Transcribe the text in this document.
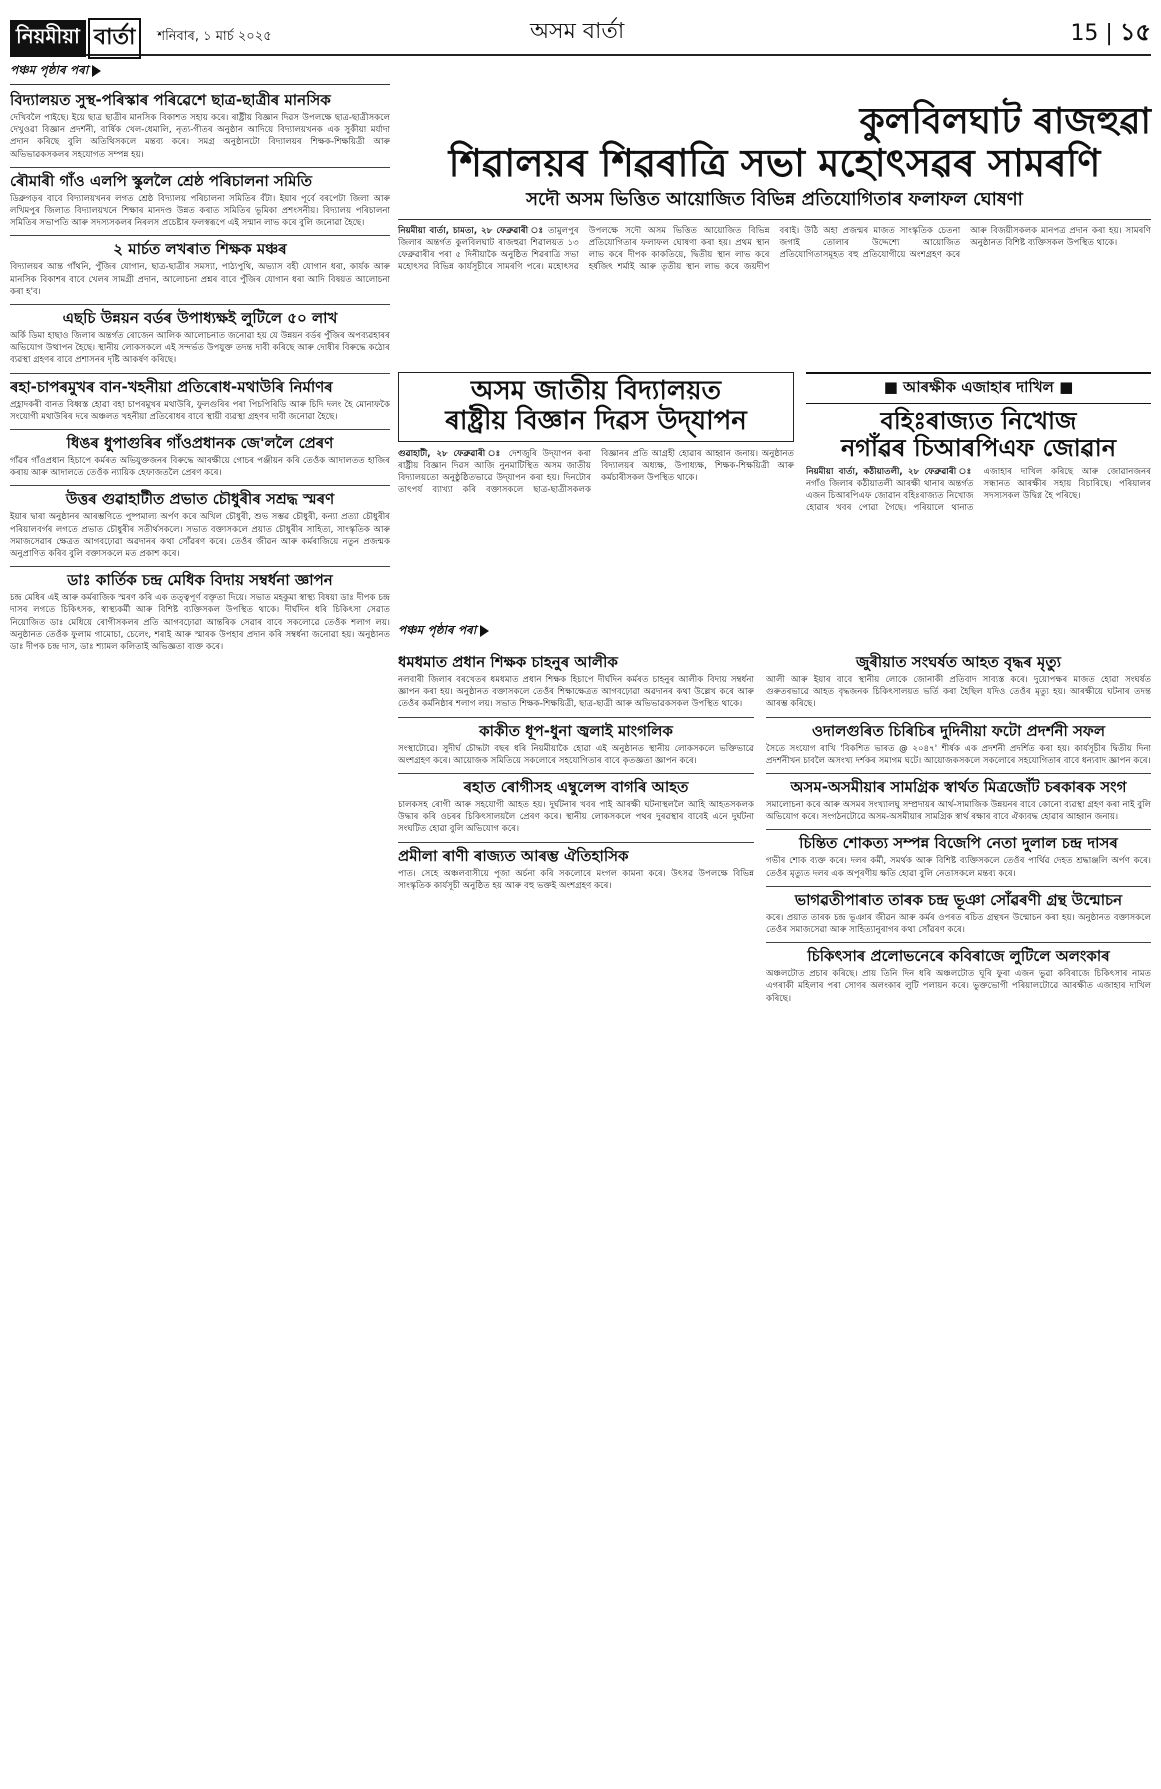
নিয়মীয়া বাৰ্তা	শনিবাৰ, ১ মাৰ্চ ২০২৫	অসম বাৰ্তা	15 | ১৫
পঞ্চম পৃষ্ঠাৰ পৰা
বিদ্যালয়ত সুস্থ-পৰিস্কাৰ পৰিৱেশে ছাত্ৰ-ছাত্ৰীৰ মানসিক

দেখিবলৈ পাইছে। ইয়ে ছাত্ৰ ছাত্ৰীৰ মানসিক বিকাশত সহায় কৰে। ৰাষ্ট্ৰীয় বিজ্ঞান দিৱস উপলক্ষে ছাত্ৰ-ছাত্ৰীসকলে দেখুওৱা বিজ্ঞান প্ৰদৰ্শনী, বাৰ্ষিক খেল-ধেমালি, নৃত্য-গীতৰ অনুষ্ঠান আদিয়ে বিদ্যালয়খনক এক সুকীয়া মৰ্যাদা প্ৰদান কৰিছে বুলি অতিথিসকলে মন্তব্য কৰে। সমগ্ৰ অনুষ্ঠানটো বিদ্যালয়ৰ শিক্ষক-শিক্ষয়িত্ৰী আৰু অভিভাৱকসকলৰ সহযোগত সম্পন্ন হয়।

ৰৌমাৰী গাঁও এলপি স্কুললৈ শ্ৰেষ্ঠ পৰিচালনা সমিতি

ডিব্ৰুগড়ৰ বাবে বিদ্যালয়খনৰ লগত শ্ৰেষ্ঠ বিদ্যালয় পৰিচালনা সমিতিৰ বঁটা। ইয়াৰ পূৰ্বে বৰপেটা জিলা আৰু লখিমপুৰ জিলাত বিদ্যালয়খনে শিক্ষাৰ মানদণ্ড উন্নত কৰাত সমিতিৰ ভূমিকা প্ৰশংসনীয়। বিদ্যালয় পৰিচালনা সমিতিৰ সভাপতি আৰু সদস্যসকলৰ নিৰলস প্ৰচেষ্টাৰ ফলস্বৰূপে এই সন্মান লাভ কৰে বুলি জনোৱা হৈছে।

২ মাৰ্চত লখৰাত শিক্ষক মঞ্চৰ

বিদ্যালয়ৰ আন্ত গাঁথনি, পুঁজিৰ যোগান, ছাত্ৰ-ছাত্ৰীৰ সমস্যা, পাঠ্যপুথি, অভ্যাস বহী যোগান ধৰা, কাৰ্যক আৰু মানসিক বিকাশৰ বাবে খেলৰ সামগ্ৰী প্ৰদান, আলোচনা প্ৰশ্নৰ বাবে পুঁজিৰ যোগান ধৰা আদি বিষয়ত আলোচনা কৰা হ'ব।

এছচি উন্নয়ন বৰ্ডৰ উপাধ্যক্ষই লুটিলে ৫০ লাখ

অৰ্কি ডিমা হাছাও জিলাৰ অন্তৰ্গত ৰোজেন আলিক আলোচনাত জনোৱা হয় যে উন্নয়ন বৰ্ডৰ পুঁজিৰ অপব্যৱহাৰৰ অভিযোগ উত্থাপন হৈছে। স্থানীয় লোকসকলে এই সন্দৰ্ভত উপযুক্ত তদন্ত দাবী কৰিছে আৰু দোষীৰ বিৰুদ্ধে কঠোৰ ব্যৱস্থা গ্ৰহণৰ বাবে প্ৰশাসনৰ দৃষ্টি আকৰ্ষণ কৰিছে।

ৰহা-চাপৰমুখৰ বান-খহনীয়া প্ৰতিৰোধ-মথাউৰি নিৰ্মাণৰ

প্ৰহ্লাদকৰী বানত বিধ্বস্ত হোৱা বহা চাপৰমুখৰ মথাউৰি, ফুলগুৰিৰ পৰা পিচপিৰিডি আৰু চিদি দলং হৈ মোনাফকৈ সংযোগী মথাউৰিৰ দৰে অঞ্চলত খহনীয়া প্ৰতিৰোধৰ বাবে স্থায়ী ব্যৱস্থা গ্ৰহণৰ দাবী জনোৱা হৈছে।

ধিঙৰ ধুপাগুৰিৰ গাঁওপ্ৰধানক জে'ললৈ প্ৰেৰণ

গাঁৱৰ গাঁওপ্ৰধান হিচাপে কৰ্মৰত অভিযুক্তজনৰ বিৰুদ্ধে আৰক্ষীয়ে গোচৰ পঞ্জীয়ন কৰি তেওঁক আদালতত হাজিৰ কৰায় আৰু আদালতে তেওঁক ন্যায়িক হেফাজতলৈ প্ৰেৰণ কৰে।

উত্তৰ গুৱাহাটীত প্ৰভাত চৌধুৰীৰ সশ্ৰদ্ধ স্মৰণ

ইয়াৰ দ্বাৰা অনুষ্ঠানৰ আৰম্ভণিতে পুষ্পমাল্য অৰ্পণ কৰে অখিল চৌধুৰী, শুভ সম্ভৱ চৌধুৰী, কন্যা প্ৰত্যা চৌধুৰীৰ পৰিয়ালবৰ্গৰ লগতে প্ৰভাত চৌধুৰীৰ সতীৰ্থসকলে। সভাত বক্তাসকলে প্ৰয়াত চৌধুৰীৰ সাহিত্য, সাংস্কৃতিক আৰু সমাজসেৱাৰ ক্ষেত্ৰত আগবঢ়োৱা অৱদানৰ কথা সোঁৱৰণ কৰে। তেওঁৰ জীৱন আৰু কৰ্মৰাজিয়ে নতুন প্ৰজন্মক অনুপ্ৰাণিত কৰিব বুলি বক্তাসকলে মত প্ৰকাশ কৰে।

ডাঃ কাৰ্তিক চন্দ্ৰ মেধিক বিদায় সম্বৰ্ধনা জ্ঞাপন

চন্দ্ৰ মেধিৰ এই আৰু কৰ্মৰাজিক স্মৰণ কৰি এক তত্ত্বপূৰ্ণ বক্তৃতা দিয়ে। সভাত মহকুমা স্বাস্থ্য বিষয়া ডাঃ দীপক চন্দ্ৰ দাসৰ লগতে চিকিৎসক, স্বাস্থ্যকৰ্মী আৰু বিশিষ্ট ব্যক্তিসকল উপস্থিত থাকে। দীৰ্ঘদিন ধৰি চিকিৎসা সেৱাত নিয়োজিত ডাঃ মেধিয়ে ৰোগীসকলৰ প্ৰতি আগবঢ়োৱা আন্তৰিক সেৱাৰ বাবে সকলোৱে তেওঁক শলাগ লয়। অনুষ্ঠানত তেওঁক ফুলাম গামোচা, চেলেং, শৰাই আৰু স্মাৰক উপহাৰ প্ৰদান কৰি সম্বৰ্ধনা জনোৱা হয়। অনুষ্ঠানত ডাঃ দীপক চন্দ্ৰ দাস, ডাঃ শ্যামল কলিতাই অভিজ্ঞতা ব্যক্ত কৰে।

কুলবিলঘাট ৰাজহুৱা
শিৱালয়ৰ শিৱৰাত্ৰি সভা মহোৎসৱৰ সামৰণি
সদৌ অসম ভিত্তিত আয়োজিত বিভিন্ন প্ৰতিযোগিতাৰ ফলাফল ঘোষণা

নিয়মীয়া বাৰ্তা, চামতা, ২৮ ফেব্ৰুৱাৰী ঃ তামুলপুৰ জিলাৰ অন্তৰ্গত কুলবিলঘাট ৰাজহুৱা শিৱালয়ত ১৩ ফেব্ৰুৱাৰীৰ পৰা ৫ দিনীয়াকৈ অনুষ্ঠিত শিৱৰাত্ৰি সভা মহোৎসৱ বিভিন্ন কাৰ্যসূচীৰে সামৰণি পৰে। মহোৎসৱ উপলক্ষে সদৌ অসম ভিত্তিত আয়োজিত বিভিন্ন প্ৰতিযোগিতাৰ ফলাফল ঘোষণা কৰা হয়। প্ৰথম স্থান লাভ কৰে দীপক কাকতিয়ে, দ্বিতীয় স্থান লাভ কৰে হৰ্ষজিৎ শৰ্মাই আৰু তৃতীয় স্থান লাভ কৰে জয়দীপ বৰাই। উঠি অহা প্ৰজন্মৰ মাজত সাংস্কৃতিক চেতনা জগাই তোলাৰ উদ্দেশ্যে আয়োজিত প্ৰতিযোগিতাসমূহত বহু প্ৰতিযোগীয়ে অংশগ্ৰহণ কৰে আৰু বিজয়ীসকলক মানপত্ৰ প্ৰদান কৰা হয়। সামৰণি অনুষ্ঠানত বিশিষ্ট ব্যক্তিসকল উপস্থিত থাকে।

অসম জাতীয় বিদ্যালয়ত
ৰাষ্ট্ৰীয় বিজ্ঞান দিৱস উদ্‌যাপন

গুৱাহাটী, ২৮ ফেব্ৰুৱাৰী ঃ দেশজুৰি উদ্‌যাপন কৰা ৰাষ্ট্ৰীয় বিজ্ঞান দিৱস আজি নুনমাটিস্থিত অসম জাতীয় বিদ্যালয়তো অনুষ্ঠুষ্ঠিতভাৱে উদ্‌যাপন কৰা হয়। দিনটোৰ তাৎপৰ্য ব্যাখ্যা কৰি বক্তাসকলে ছাত্ৰ-ছাত্ৰীসকলক বিজ্ঞানৰ প্ৰতি আগ্ৰহী হোৱাৰ আহ্বান জনায়। অনুষ্ঠানত বিদ্যালয়ৰ অধ্যক্ষ, উপাধ্যক্ষ, শিক্ষক-শিক্ষয়িত্ৰী আৰু কৰ্মচাৰীসকল উপস্থিত থাকে।

■ আৰক্ষীক এজাহাৰ দাখিল ■
বহিঃৰাজ্যত নিখোজ
নগাঁৱৰ চিআৰপিএফ জোৱান

নিয়মীয়া বাৰ্তা, কঠীয়াতলী, ২৮ ফেব্ৰুৱাৰী ঃ নগাঁও জিলাৰ কঠীয়াতলী আৰক্ষী থানাৰ অন্তৰ্গত এজন চিআৰপিএফ জোৱান বহিঃৰাজ্যত নিখোজ হোৱাৰ খবৰ পোৱা গৈছে। পৰিয়ালে থানাত এজাহাৰ দাখিল কৰিছে আৰু জোৱানজনৰ সন্ধানত আৰক্ষীৰ সহায় বিচাৰিছে। পৰিয়ালৰ সদস্যসকল উদ্বিগ্ন হৈ পৰিছে।

পঞ্চম পৃষ্ঠাৰ পৰা
ধমধমাত প্ৰধান শিক্ষক চাহনুৰ আলীক

নলবাৰী জিলাৰ বৰখেতৰ ধমধমাত প্ৰধান শিক্ষক হিচাপে দীৰ্ঘদিন কৰ্মৰত চাহনুৰ আলীক বিদায় সম্বৰ্ধনা জ্ঞাপন কৰা হয়। অনুষ্ঠানত বক্তাসকলে তেওঁৰ শিক্ষাক্ষেত্ৰত আগবঢ়োৱা অৱদানৰ কথা উল্লেখ কৰে আৰু তেওঁৰ কৰ্মনিষ্ঠাৰ শলাগ লয়। সভাত শিক্ষক-শিক্ষয়িত্ৰী, ছাত্ৰ-ছাত্ৰী আৰু অভিভাৱকসকল উপস্থিত থাকে।

কাকীত ধূপ-ধুনা জ্বলাই মাংগলিক

সংস্থাটোৱে। সুদীৰ্ঘ চৌদ্ধটা বছৰ ধৰি নিয়মীয়াকৈ হোৱা এই অনুষ্ঠানত স্থানীয় লোকসকলে ভক্তিভাৱে অংশগ্ৰহণ কৰে। আয়োজক সমিতিয়ে সকলোৰে সহযোগিতাৰ বাবে কৃতজ্ঞতা জ্ঞাপন কৰে।

ৰহাত ৰোগীসহ এম্বুলেন্স বাগৰি আহত

চালকসহ ৰোগী আৰু সহযোগী আহত হয়। দুৰ্ঘটনাৰ খবৰ পাই আৰক্ষী ঘটনাস্থললৈ আহি আহতসকলক উদ্ধাৰ কৰি ওচৰৰ চিকিৎসালয়লৈ প্ৰেৰণ কৰে। স্থানীয় লোকসকলে পথৰ দুৰৱস্থাৰ বাবেই এনে দুৰ্ঘটনা সংঘটিত হোৱা বুলি অভিযোগ কৰে।

প্ৰমীলা ৰাণী ৰাজ্যত আৰম্ভ ঐতিহাসিক

পাত। সেহে অঞ্চলবাসীয়ে পূজা অৰ্চনা কৰি সকলোৰে মংগল কামনা কৰে। উৎসৱ উপলক্ষে বিভিন্ন সাংস্কৃতিক কাৰ্যসূচী অনুষ্ঠিত হয় আৰু বহু ভক্তই অংশগ্ৰহণ কৰে।

জুৰীয়াত সংঘৰ্ষত আহত বৃদ্ধৰ মৃত্যু

আলী আৰু ইয়াৰ বাবে স্থানীয় লোকে জোনাকী প্ৰতিবাদ সাব্যস্ত কৰে। দুয়োপক্ষৰ মাজত হোৱা সংঘৰ্ষত গুৰুতৰভাৱে আহত বৃদ্ধজনক চিকিৎসালয়ত ভৰ্তি কৰা হৈছিল যদিও তেওঁৰ মৃত্যু হয়। আৰক্ষীয়ে ঘটনাৰ তদন্ত আৰম্ভ কৰিছে।

ওদালগুৰিত চিৰিচিৰ দুদিনীয়া ফটো প্ৰদৰ্শনী সফল

সৈতে সংযোগ ৰাখি 'বিকশিত ভাৰত @ ২০৪৭' শীৰ্ষক এক প্ৰদৰ্শনী প্ৰদৰ্শিত কৰা হয়। কাৰ্যসূচীৰ দ্বিতীয় দিনা প্ৰদৰ্শনীখন চাবলৈ অসংখ্য দৰ্শকৰ সমাগম ঘটে। আয়োজকসকলে সকলোৰে সহযোগিতাৰ বাবে ধন্যবাদ জ্ঞাপন কৰে।

অসম-অসমীয়াৰ সামগ্ৰিক স্বাৰ্থত মিত্ৰজোঁট চৰকাৰক সংগ

সমালোচনা কৰে আৰু অসমৰ সংখ্যালঘু সম্প্ৰদায়ৰ আৰ্থ-সামাজিক উন্নয়নৰ বাবে কোনো ব্যৱস্থা গ্ৰহণ কৰা নাই বুলি অভিযোগ কৰে। সংগঠনটোৱে অসম-অসমীয়াৰ সামগ্ৰিক স্বাৰ্থ ৰক্ষাৰ বাবে ঐক্যবদ্ধ হোৱাৰ আহ্বান জনায়।

চিন্তিত শোকত্য সম্পন্ন বিজেপি নেতা দুলাল চন্দ্ৰ দাসৰ

গভীৰ শোক ব্যক্ত কৰে। দলৰ কৰ্মী, সমৰ্থক আৰু বিশিষ্ট ব্যক্তিসকলে তেওঁৰ পাৰ্থিৱ দেহত শ্ৰদ্ধাঞ্জলি অৰ্পণ কৰে। তেওঁৰ মৃত্যুত দলৰ এক অপূৰণীয় ক্ষতি হোৱা বুলি নেতাসকলে মন্তব্য কৰে।

ভাগৱতীপাৰাত তাৰক চন্দ্ৰ ভূঞা সোঁৱৰণী গ্ৰন্থ উন্মোচন

কৰে। প্ৰয়াত তাৰক চন্দ্ৰ ভূঞাৰ জীৱন আৰু কৰ্মৰ ওপৰত ৰচিত গ্ৰন্থখন উন্মোচন কৰা হয়। অনুষ্ঠানত বক্তাসকলে তেওঁৰ সমাজসেৱা আৰু সাহিত্যানুৰাগৰ কথা সোঁৱৰণ কৰে।

চিকিৎসাৰ প্ৰলোভনেৰে কবিৰাজে লুটিলে অলংকাৰ

অঞ্চলটোত প্ৰচাৰ কৰিছে। প্ৰায় তিনি দিন ধৰি অঞ্চলটোত ঘূৰি ফুৰা এজন ভুৱা কবিৰাজে চিকিৎসাৰ নামত এগৰাকী মহিলাৰ পৰা সোণৰ অলংকাৰ লুটি পলায়ন কৰে। ভুক্তভোগী পৰিয়ালটোৱে আৰক্ষীত এজাহাৰ দাখিল কৰিছে।
